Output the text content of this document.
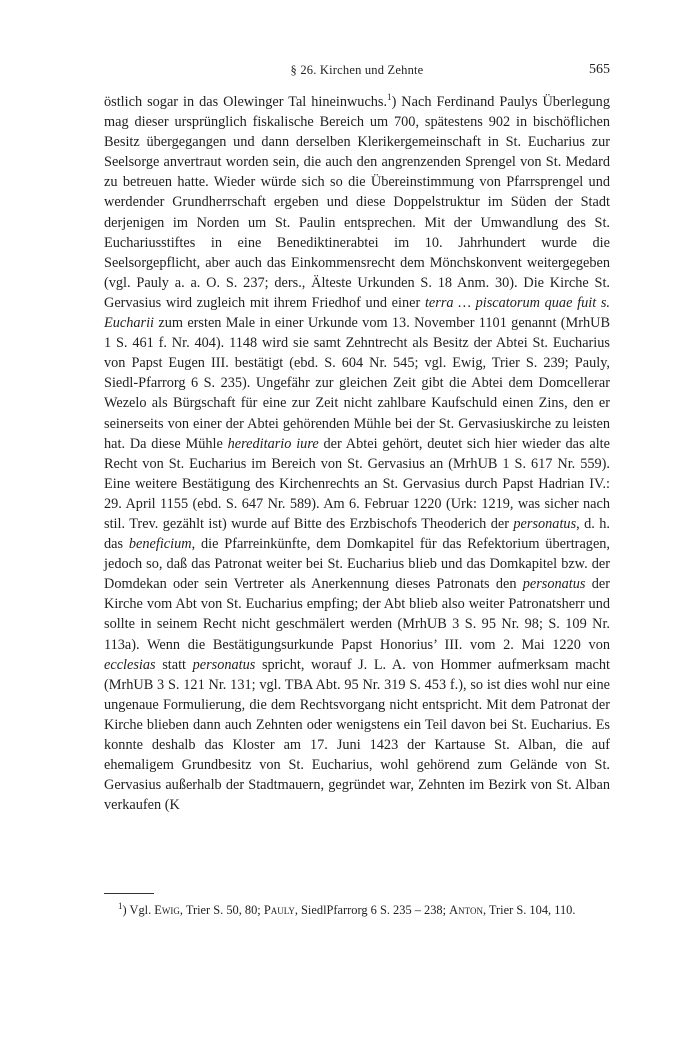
§ 26. Kirchen und Zehnte	565

östlich sogar in das Olewinger Tal hineinwuchs.$^1$) Nach Ferdinand Paulys Überlegung mag dieser ursprünglich fiskalische Bereich um 700, spätestens 902 in bischöflichen Besitz übergegangen und dann derselben Klerikergemeinschaft in St. Eucharius zur Seelsorge anvertraut worden sein, die auch den angrenzenden Sprengel von St. Medard zu betreuen hatte. Wieder würde sich so die Übereinstimmung von Pfarrsprengel und werdender Grundherrschaft ergeben und diese Doppelstruktur im Süden der Stadt derjenigen im Norden um St. Paulin entsprechen. Mit der Umwandlung des St. Euchariusstiftes in eine Benediktinerabtei im 10. Jahrhundert wurde die Seelsorgepflicht, aber auch das Einkommensrecht dem Mönchskonvent weitergegeben (vgl. Pauly a. a. O. S. 237; ders., Älteste Urkunden S. 18 Anm. 30). Die Kirche St. Gervasius wird zugleich mit ihrem Friedhof und einer terra … piscatorum quae fuit s. Eucharii zum ersten Male in einer Urkunde vom 13. November 1101 genannt (MrhUB 1 S. 461 f. Nr. 404). 1148 wird sie samt Zehntrecht als Besitz der Abtei St. Eucharius von Papst Eugen III. bestätigt (ebd. S. 604 Nr. 545; vgl. Ewig, Trier S. 239; Pauly, Siedl-Pfarrorg 6 S. 235). Ungefähr zur gleichen Zeit gibt die Abtei dem Domcellerar Wezelo als Bürgschaft für eine zur Zeit nicht zahlbare Kaufschuld einen Zins, den er seinerseits von einer der Abtei gehörenden Mühle bei der St. Gervasiuskirche zu leisten hat. Da diese Mühle hereditario iure der Abtei gehört, deutet sich hier wieder das alte Recht von St. Eucharius im Bereich von St. Gervasius an (MrhUB 1 S. 617 Nr. 559). Eine weitere Bestätigung des Kirchenrechts an St. Gervasius durch Papst Hadrian IV.: 29. April 1155 (ebd. S. 647 Nr. 589). Am 6. Februar 1220 (Urk: 1219, was sicher nach stil. Trev. gezählt ist) wurde auf Bitte des Erzbischofs Theoderich der personatus, d. h. das beneficium, die Pfarreinkünfte, dem Domkapitel für das Refektorium übertragen, jedoch so, daß das Patronat weiter bei St. Eucharius blieb und das Domkapitel bzw. der Domdekan oder sein Vertreter als Anerkennung dieses Patronats den personatus der Kirche vom Abt von St. Eucharius empfing; der Abt blieb also weiter Patronatsherr und sollte in seinem Recht nicht geschmälert werden (MrhUB 3 S. 95 Nr. 98; S. 109 Nr. 113a). Wenn die Bestätigungsurkunde Papst Honorius’ III. vom 2. Mai 1220 von ecclesias statt personatus spricht, worauf J. L. A. von Hommer aufmerksam macht (MrhUB 3 S. 121 Nr. 131; vgl. TBA Abt. 95 Nr. 319 S. 453 f.), so ist dies wohl nur eine ungenaue Formulierung, die dem Rechtsvorgang nicht entspricht. Mit dem Patronat der Kirche blieben dann auch Zehnten oder wenigstens ein Teil davon bei St. Eucharius. Es konnte deshalb das Kloster am 17. Juni 1423 der Kartause St. Alban, die auf ehemaligem Grundbesitz von St. Eucharius, wohl gehörend zum Gelände von St. Gervasius außerhalb der Stadtmauern, gegründet war, Zehnten im Bezirk von St. Alban verkaufen (K

$^1$) Vgl. Ewig, Trier S. 50, 80; Pauly, SiedlPfarrorg 6 S. 235 – 238; Anton, Trier S. 104, 110.
